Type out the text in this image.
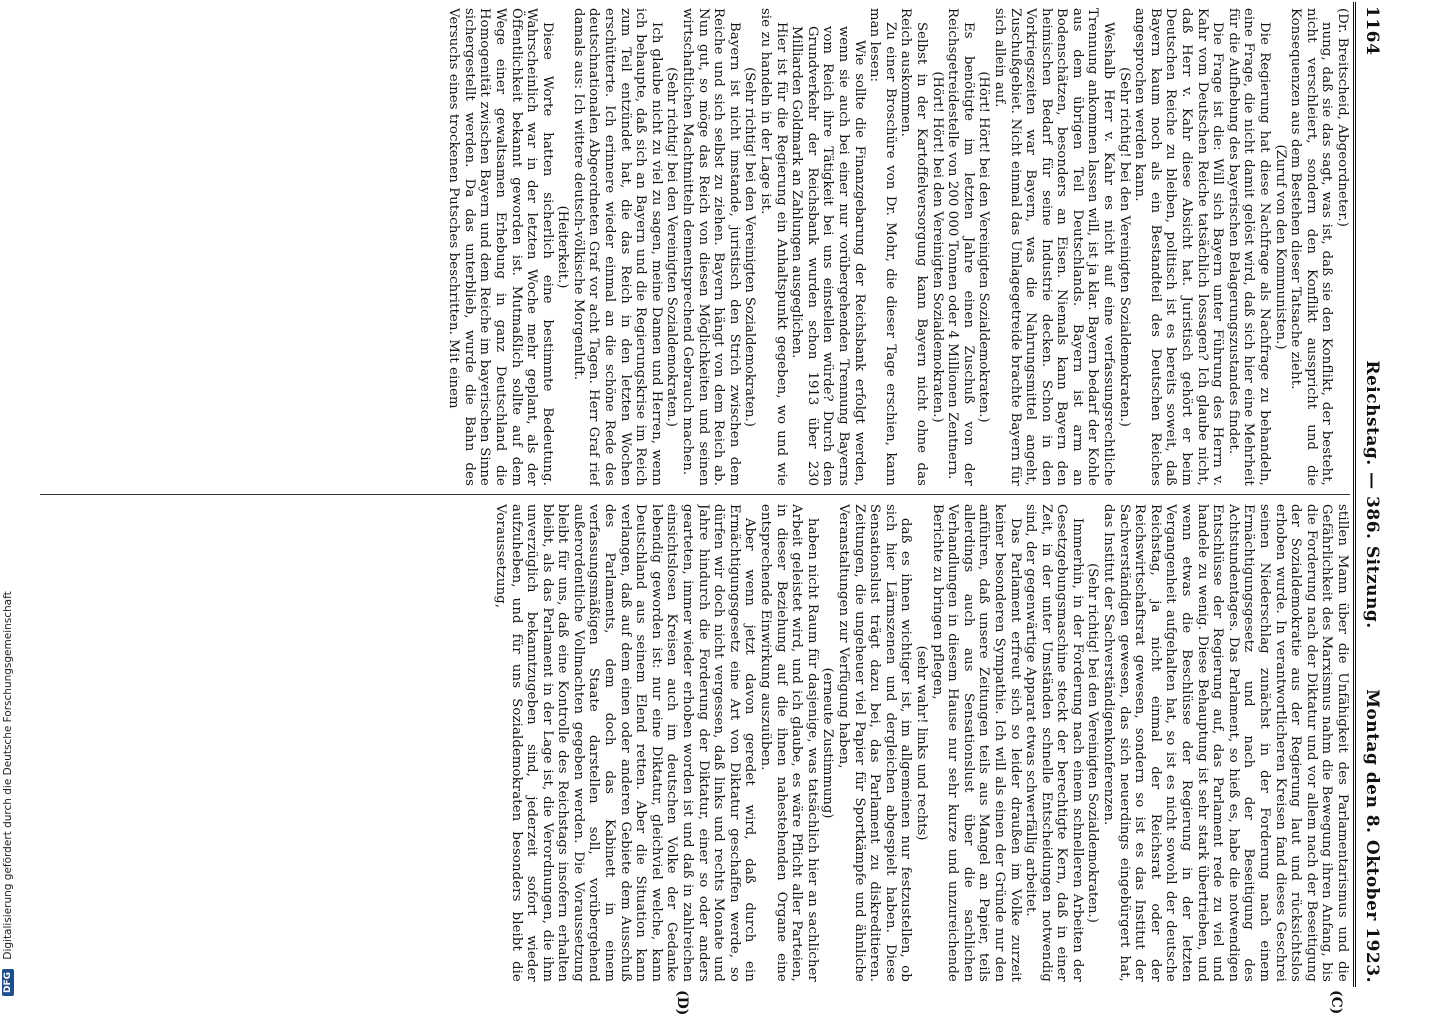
1164
Reichstag. — 386. Sitzung.
Montag den 8. Oktober 1923.
(C)
(D)

(Dr. Breitscheid, Abgeordneter.)

nung, daß sie das sagt, was ist, daß sie den Konflikt, der besteht, nicht verschleiert, sondern den Konflikt ausspricht und die Konsequenzen aus dem Bestehen dieser Tatsache zieht.

(Zuruf von den Kommunisten.)

Die Regierung hat diese Nachfrage als Nachfrage zu behandeln, eine Frage, die nicht damit gelöst wird, daß sich hier eine Mehrheit für die Aufhebung des bayerischen Belagerungszustandes findet.

Die Frage ist die: Will sich Bayern unter Führung des Herrn v. Kahr vom Deutschen Reiche tatsächlich lossagen? Ich glaube nicht, daß Herr v. Kahr diese Absicht hat. Juristisch gehört er beim Deutschen Reiche zu bleiben, politisch ist es bereits soweit, daß Bayern kaum noch als ein Bestandteil des Deutschen Reiches angesprochen werden kann.

(Sehr richtig! bei den Vereinigten Sozialdemokraten.)

Weshalb Herr v. Kahr es nicht auf eine verfassungsrechtliche Trennung ankommen lassen will, ist ja klar. Bayern bedarf der Kohle aus dem übrigen Teil Deutschlands. Bayern ist arm an Bodenschätzen, besonders an Eisen. Niemals kann Bayern den heimischen Bedarf für seine Industrie decken. Schon in den Vorkriegszeiten war Bayern, was die Nahrungsmittel angeht, Zuschußgebiet. Nicht einmal das Umlagegetreide brachte Bayern für sich allein auf.

(Hört! Hört! bei den Vereinigten Sozialdemokraten.)

Es benötigte im letzten Jahre einen Zuschuß von der Reichsgetreidestelle von 200 000 Tonnen oder 4 Millionen Zentnern.

(Hört! Hört! bei den Vereinigten Sozialdemokraten.)

Selbst in der Kartoffelversorgung kann Bayern nicht ohne das Reich auskommen.

Zu einer Broschüre von Dr. Mohr, die dieser Tage erschien, kann man lesen:

Wie sollte die Finanzgebarung der Reichsbank erfolgt werden, wenn sie auch bei einer nur vorübergehenden Trennung Bayerns vom Reich ihre Tätigkeit bei uns einstellen würde? Durch den Grundverkehr der Reichsbank wurden schon 1913 über 230 Milliarden Goldmark an Zahlungen ausgeglichen.

Hier ist für die Regierung ein Anhaltspunkt gegeben, wo und wie sie zu handeln in der Lage ist.

(Sehr richtig! bei den Vereinigten Sozialdemokraten.)

Bayern ist nicht imstande, juristisch den Strich zwischen dem Reiche und sich selbst zu ziehen. Bayern hängt von dem Reich ab. Nun gut, so möge das Reich von diesen Möglichkeiten und seinen wirtschaftlichen Machtmitteln dementsprechend Gebrauch machen.

(Sehr richtig! bei den Vereinigten Sozialdemokraten.)

Ich glaube nicht zu viel zu sagen, meine Damen und Herren, wenn ich behaupte, daß sich an Bayern und die Regierungskrise im Reich zum Teil entzündet hat, die das Reich in den letzten Wochen erschütterte. Ich erinnere wieder einmal an die schöne Rede des deutschnationalen Abgeordneten Graf vor acht Tagen. Herr Graf rief damals aus: Ich wittere deutsch-völkische Morgenluft.

(Heiterkeit.)

Diese Worte hatten sicherlich eine bestimmte Bedeutung. Wahrscheinlich war in der letzten Woche mehr geplant, als der Öffentlichkeit bekannt geworden ist. Mutmaßlich sollte auf dem Wege einer gewaltsamen Erhebung in ganz Deutschland die Homogenität zwischen Bayern und dem Reiche im bayerischen Sinne sichergestellt werden. Da das unterblieb, wurde die Bahn des Versuchs eines trockenen Putsches beschritten. Mit einem

stillen Mann über die Unfähigkeit des Parlamentarismus und die Gefährlichkeit des Marxismus nahm die Bewegung ihren Anfang, bis die Forderung nach der Diktatur und vor allem nach der Beseitigung der Sozialdemokratie aus der Regierung laut und rücksichtslos erhoben wurde. In verantwortlicheren Kreisen fand dieses Geschrei seinen Niederschlag zunächst in der Forderung nach einem Ermächtigungsgesetz und nach der Beseitigung des Achtstundentages. Das Parlament, so hieß es, habe die notwendigen Entschlüsse der Regierung auf, das Parlament rede zu viel und handele zu wenig. Diese Behauptung ist sehr stark übertrieben, und wenn etwas die Beschlüsse der Regierung in der letzten Vergangenheit aufgehalten hat, so ist es nicht sowohl der deutsche Reichstag, ja nicht einmal der Reichsrat oder der Reichswirtschaftsrat gewesen, sondern so ist es das Institut der Sachverständigen gewesen, das sich neuerdings eingebürgert hat, das Institut der Sachverständigenkonferenzen.

(Sehr richtig! bei den Vereinigten Sozialdemokraten.)

Immerhin, in der Forderung nach einem schnelleren Arbeiten der Gesetzgebungsmaschine steckt der berechtigte Kern, daß in einer Zeit, in der unter Umständen schnelle Entscheidungen notwendig sind, der gegenwärtige Apparat etwas schwerfällig arbeitet.

Das Parlament erfreut sich so leider draußen im Volke zurzeit keiner besonderen Sympathie. Ich will als einen der Gründe nur den anführen, daß unsere Zeitungen teils aus Mangel an Papier, teils allerdings auch aus Sensationslust über die sachlichen Verhandlungen in diesem Hause nur sehr kurze und unzureichende Berichte zu bringen pflegen,

(sehr wahr! links und rechts)

daß es ihnen wichtiger ist, im allgemeinen nur festzustellen, ob sich hier Lärmszenen und dergleichen abgespielt haben. Diese Sensationslust trägt dazu bei, das Parlament zu diskreditieren. Zeitungen, die ungeheuer viel Papier für Sportkämpfe und ähnliche Veranstaltungen zur Verfügung haben,

(erneute Zustimmung)

haben nicht Raum für dasjenige, was tatsächlich hier an sachlicher Arbeit geleistet wird, und ich glaube, es wäre Pflicht aller Parteien, in dieser Beziehung auf die ihnen nahestehenden Organe eine entsprechende Einwirkung auszuüben.

Aber wenn jetzt davon geredet wird, daß durch ein Ermächtigungsgesetz eine Art von Diktatur geschaffen werde, so dürfen wir doch nicht vergessen, daß links und rechts Monate und Jahre hindurch die Forderung der Diktatur, einer so oder anders gearteten, immer wieder erhoben worden ist und daß in zahlreichen einsichtslosen Kreisen auch im deutschen Volke der Gedanke lebendig geworden ist: nur eine Diktatur, gleichviel welche, kann Deutschland aus seinem Elend retten. Aber die Situation kann verlangen, daß auf dem einen oder anderen Gebiete dem Ausschuß des Parlaments, dem doch das Kabinett in einem verfassungsmäßigen Staate darstellen soll, vorübergehend außerordentliche Vollmachten gegeben werden. Die Voraussetzung bleibt für uns, daß eine Kontrolle des Reichstags insofern erhalten bleibt, als das Parlament in der Lage ist, die Verordnungen, die ihm unverzüglich bekanntzugeben sind, jederzeit sofort wieder aufzuheben, und für uns Sozialdemokraten besonders bleibt die Voraussetzung,

DFG Digitalisierung gefördert durch die Deutsche Forschungsgemeinschaft
